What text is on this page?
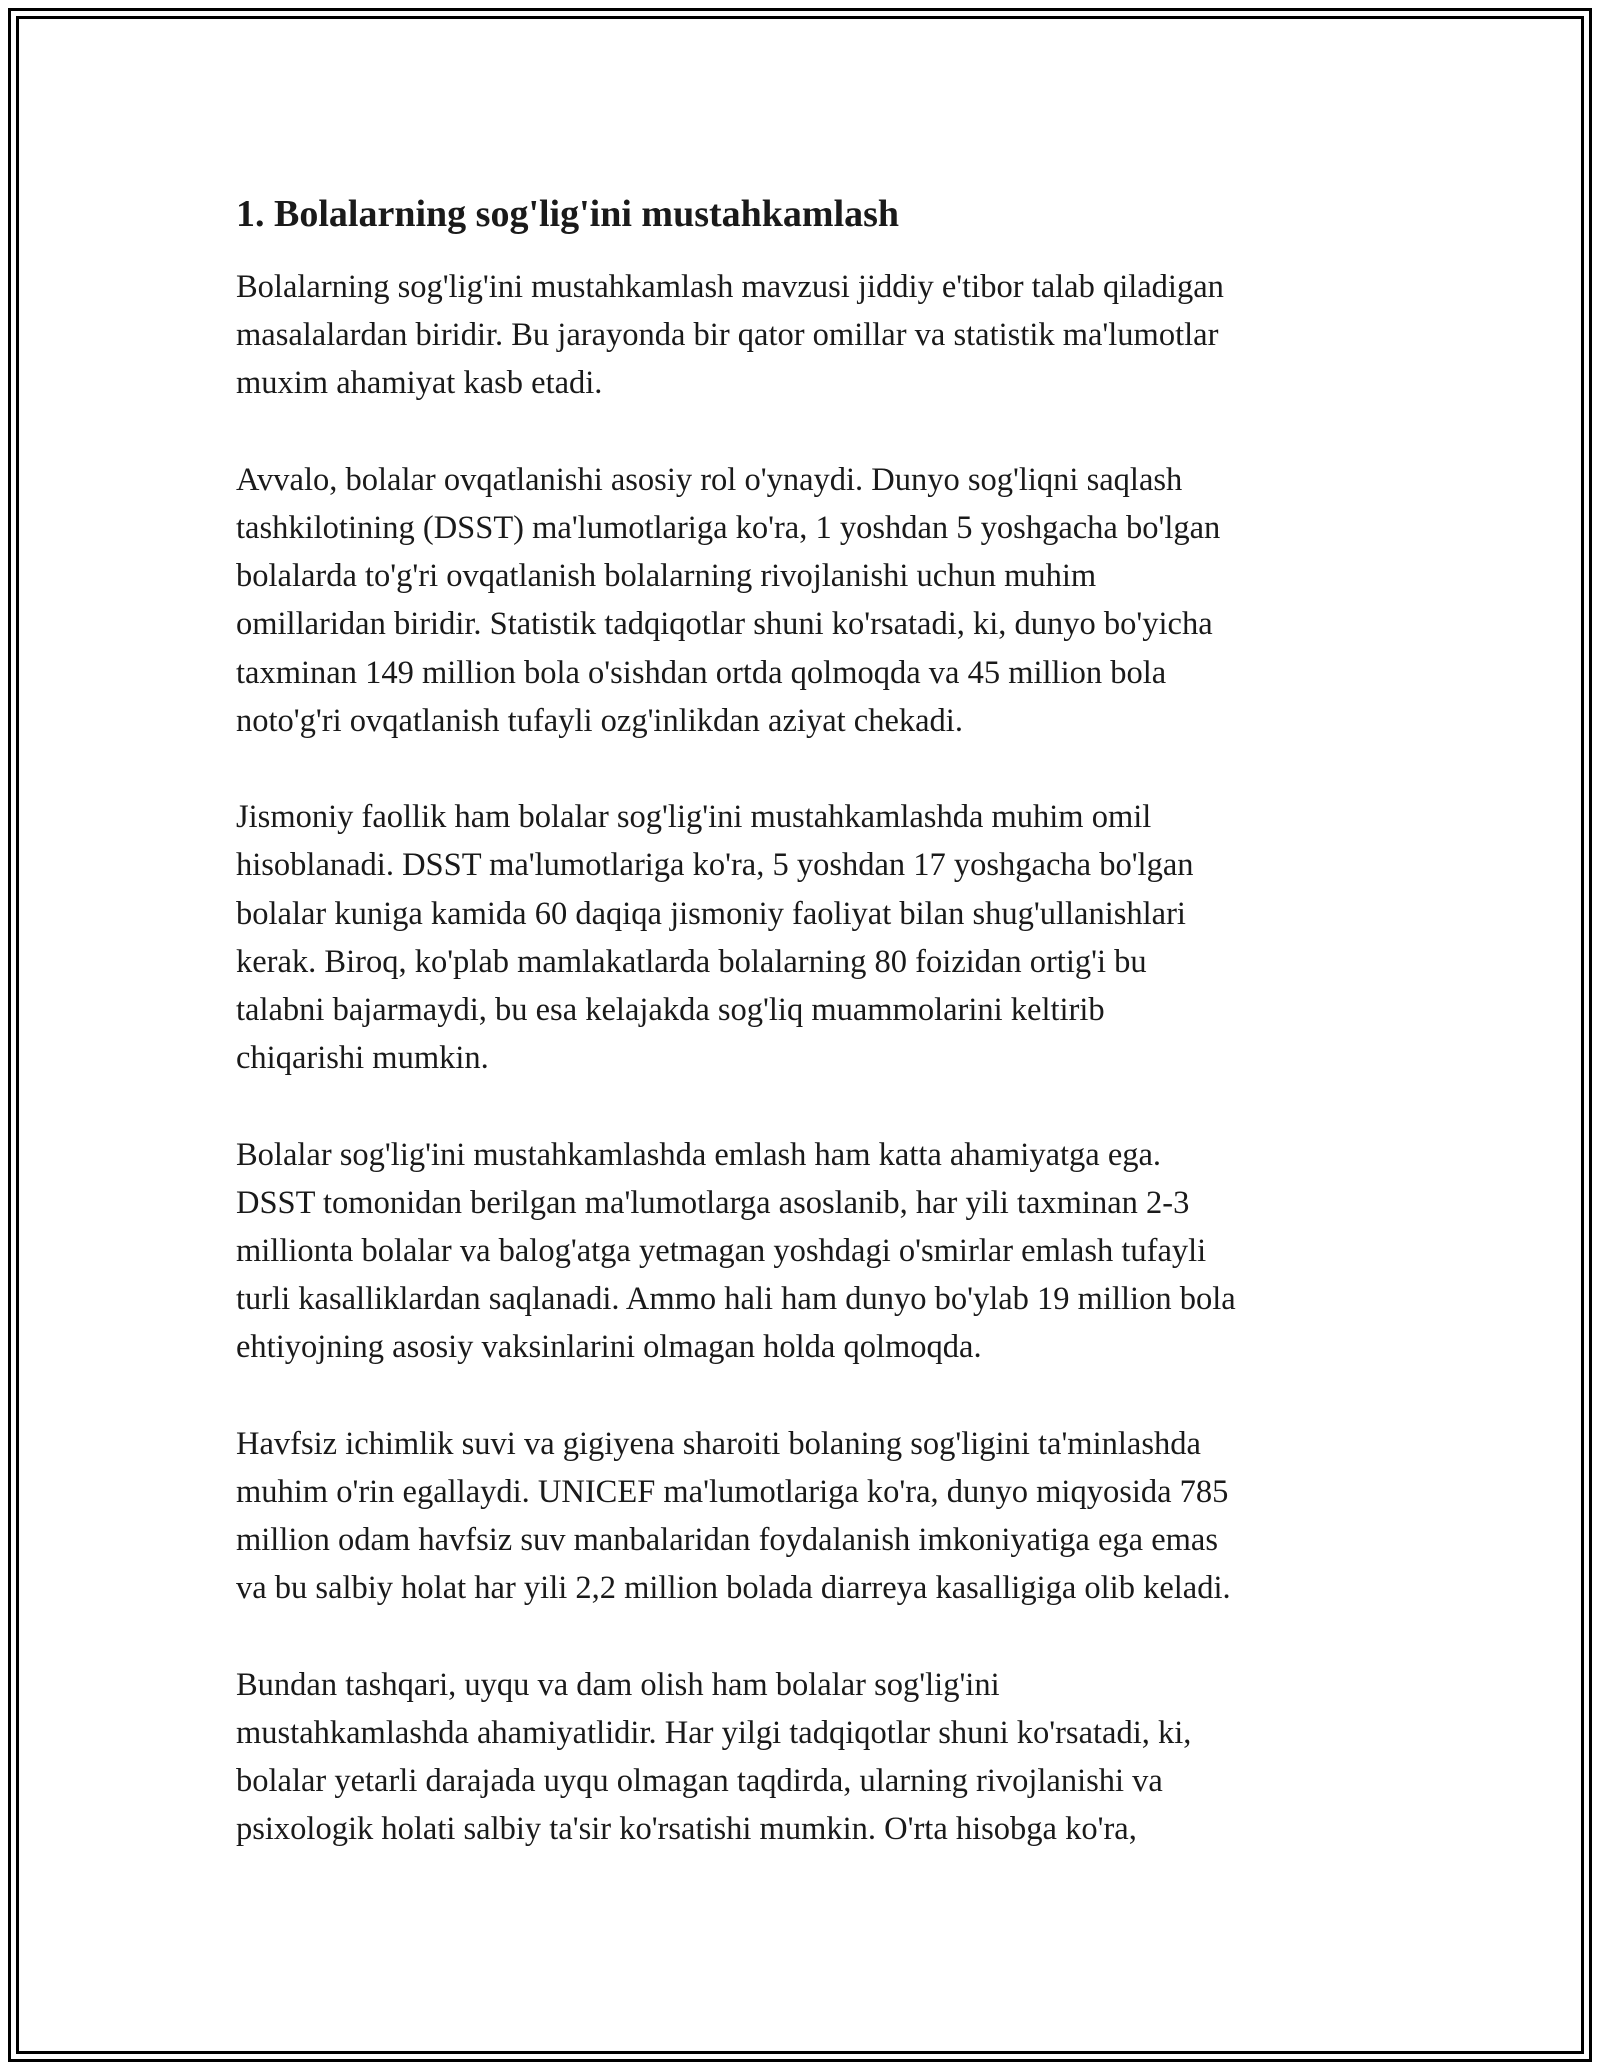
1. Bolalarning sog'lig'ini mustahkamlash
Bolalarning sog'lig'ini mustahkamlash mavzusi jiddiy e'tibor talab qiladigan
masalalardan biridir. Bu jarayonda bir qator omillar va statistik ma'lumotlar
muxim ahamiyat kasb etadi.
Avvalo, bolalar ovqatlanishi asosiy rol o'ynaydi. Dunyo sog'liqni saqlash
tashkilotining (DSST) ma'lumotlariga ko'ra, 1 yoshdan 5 yoshgacha bo'lgan
bolalarda to'g'ri ovqatlanish bolalarning rivojlanishi uchun muhim
omillaridan biridir. Statistik tadqiqotlar shuni ko'rsatadi, ki, dunyo bo'yicha
taxminan 149 million bola o'sishdan ortda qolmoqda va 45 million bola
noto'g'ri ovqatlanish tufayli ozg'inlikdan aziyat chekadi.
Jismoniy faollik ham bolalar sog'lig'ini mustahkamlashda muhim omil
hisoblanadi. DSST ma'lumotlariga ko'ra, 5 yoshdan 17 yoshgacha bo'lgan
bolalar kuniga kamida 60 daqiqa jismoniy faoliyat bilan shug'ullanishlari
kerak. Biroq, ko'plab mamlakatlarda bolalarning 80 foizidan ortig'i bu
talabni bajarmaydi, bu esa kelajakda sog'liq muammolarini keltirib
chiqarishi mumkin.
Bolalar sog'lig'ini mustahkamlashda emlash ham katta ahamiyatga ega.
DSST tomonidan berilgan ma'lumotlarga asoslanib, har yili taxminan 2-3
millionta bolalar va balog'atga yetmagan yoshdagi o'smirlar emlash tufayli
turli kasalliklardan saqlanadi. Ammo hali ham dunyo bo'ylab 19 million bola
ehtiyojning asosiy vaksinlarini olmagan holda qolmoqda.
Havfsiz ichimlik suvi va gigiyena sharoiti bolaning sog'ligini ta'minlashda
muhim o'rin egallaydi. UNICEF ma'lumotlariga ko'ra, dunyo miqyosida 785
million odam havfsiz suv manbalaridan foydalanish imkoniyatiga ega emas
va bu salbiy holat har yili 2,2 million bolada diarreya kasalligiga olib keladi.
Bundan tashqari, uyqu va dam olish ham bolalar sog'lig'ini
mustahkamlashda ahamiyatlidir. Har yilgi tadqiqotlar shuni ko'rsatadi, ki,
bolalar yetarli darajada uyqu olmagan taqdirda, ularning rivojlanishi va
psixologik holati salbiy ta'sir ko'rsatishi mumkin. O'rta hisobga ko'ra,
